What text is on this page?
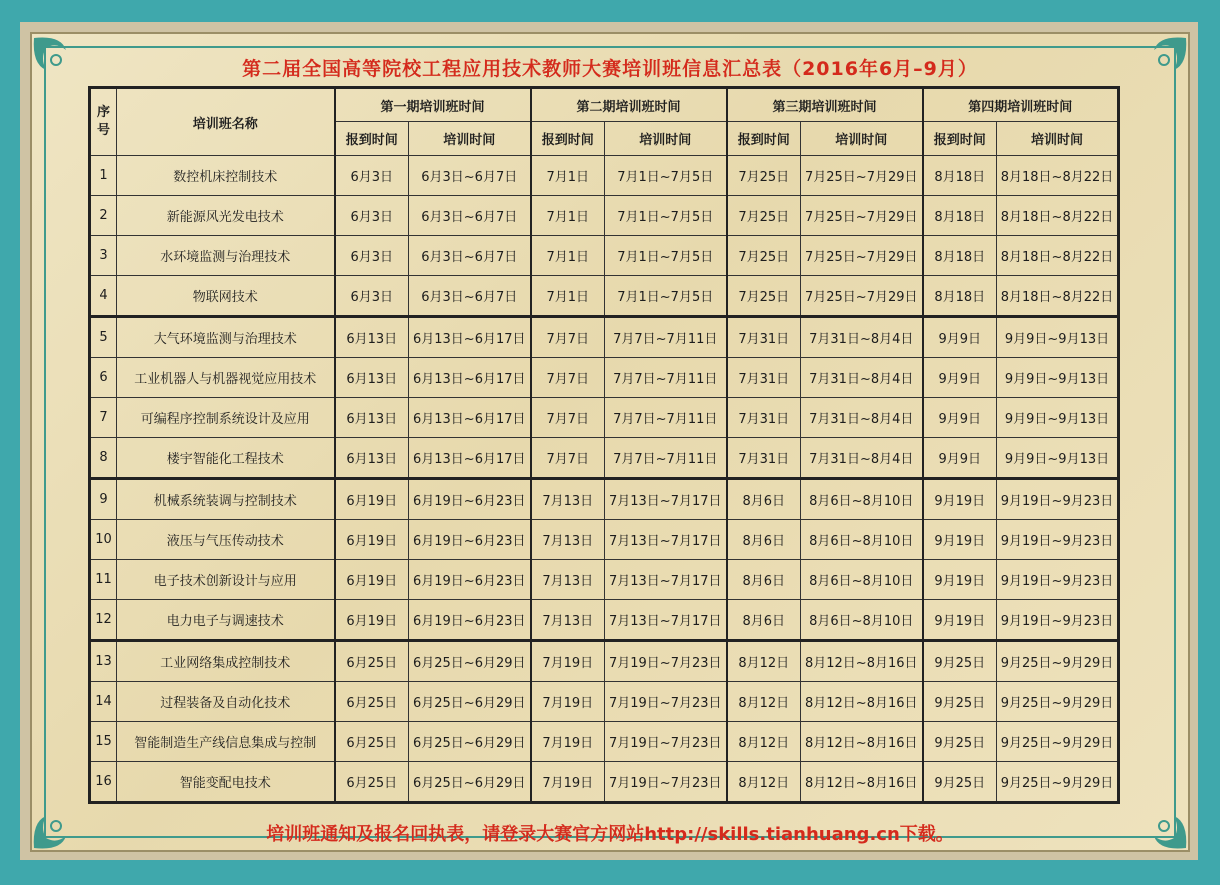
第二届全国高等院校工程应用技术教师大赛培训班信息汇总表（2016年6月–9月）
序号	培训班名称	第一期培训班时间		第二期培训班时间		第三期培训班时间		第四期培训班时间	
		报到时间	培训时间	报到时间	培训时间	报到时间	培训时间	报到时间	培训时间
1	数控机床控制技术	6月3日	6月3日~6月7日	7月1日	7月1日~7月5日	7月25日	7月25日~7月29日	8月18日	8月18日~8月22日
2	新能源风光发电技术	6月3日	6月3日~6月7日	7月1日	7月1日~7月5日	7月25日	7月25日~7月29日	8月18日	8月18日~8月22日
3	水环境监测与治理技术	6月3日	6月3日~6月7日	7月1日	7月1日~7月5日	7月25日	7月25日~7月29日	8月18日	8月18日~8月22日
4	物联网技术	6月3日	6月3日~6月7日	7月1日	7月1日~7月5日	7月25日	7月25日~7月29日	8月18日	8月18日~8月22日
5	大气环境监测与治理技术	6月13日	6月13日~6月17日	7月7日	7月7日~7月11日	7月31日	7月31日~8月4日	9月9日	9月9日~9月13日
6	工业机器人与机器视觉应用技术	6月13日	6月13日~6月17日	7月7日	7月7日~7月11日	7月31日	7月31日~8月4日	9月9日	9月9日~9月13日
7	可编程序控制系统设计及应用	6月13日	6月13日~6月17日	7月7日	7月7日~7月11日	7月31日	7月31日~8月4日	9月9日	9月9日~9月13日
8	楼宇智能化工程技术	6月13日	6月13日~6月17日	7月7日	7月7日~7月11日	7月31日	7月31日~8月4日	9月9日	9月9日~9月13日
9	机械系统装调与控制技术	6月19日	6月19日~6月23日	7月13日	7月13日~7月17日	8月6日	8月6日~8月10日	9月19日	9月19日~9月23日
10	液压与气压传动技术	6月19日	6月19日~6月23日	7月13日	7月13日~7月17日	8月6日	8月6日~8月10日	9月19日	9月19日~9月23日
11	电子技术创新设计与应用	6月19日	6月19日~6月23日	7月13日	7月13日~7月17日	8月6日	8月6日~8月10日	9月19日	9月19日~9月23日
12	电力电子与调速技术	6月19日	6月19日~6月23日	7月13日	7月13日~7月17日	8月6日	8月6日~8月10日	9月19日	9月19日~9月23日
13	工业网络集成控制技术	6月25日	6月25日~6月29日	7月19日	7月19日~7月23日	8月12日	8月12日~8月16日	9月25日	9月25日~9月29日
14	过程装备及自动化技术	6月25日	6月25日~6月29日	7月19日	7月19日~7月23日	8月12日	8月12日~8月16日	9月25日	9月25日~9月29日
15	智能制造生产线信息集成与控制	6月25日	6月25日~6月29日	7月19日	7月19日~7月23日	8月12日	8月12日~8月16日	9月25日	9月25日~9月29日
16	智能变配电技术	6月25日	6月25日~6月29日	7月19日	7月19日~7月23日	8月12日	8月12日~8月16日	9月25日	9月25日~9月29日
培训班通知及报名回执表，请登录大赛官方网站http://skills.tianhuang.cn下载。
